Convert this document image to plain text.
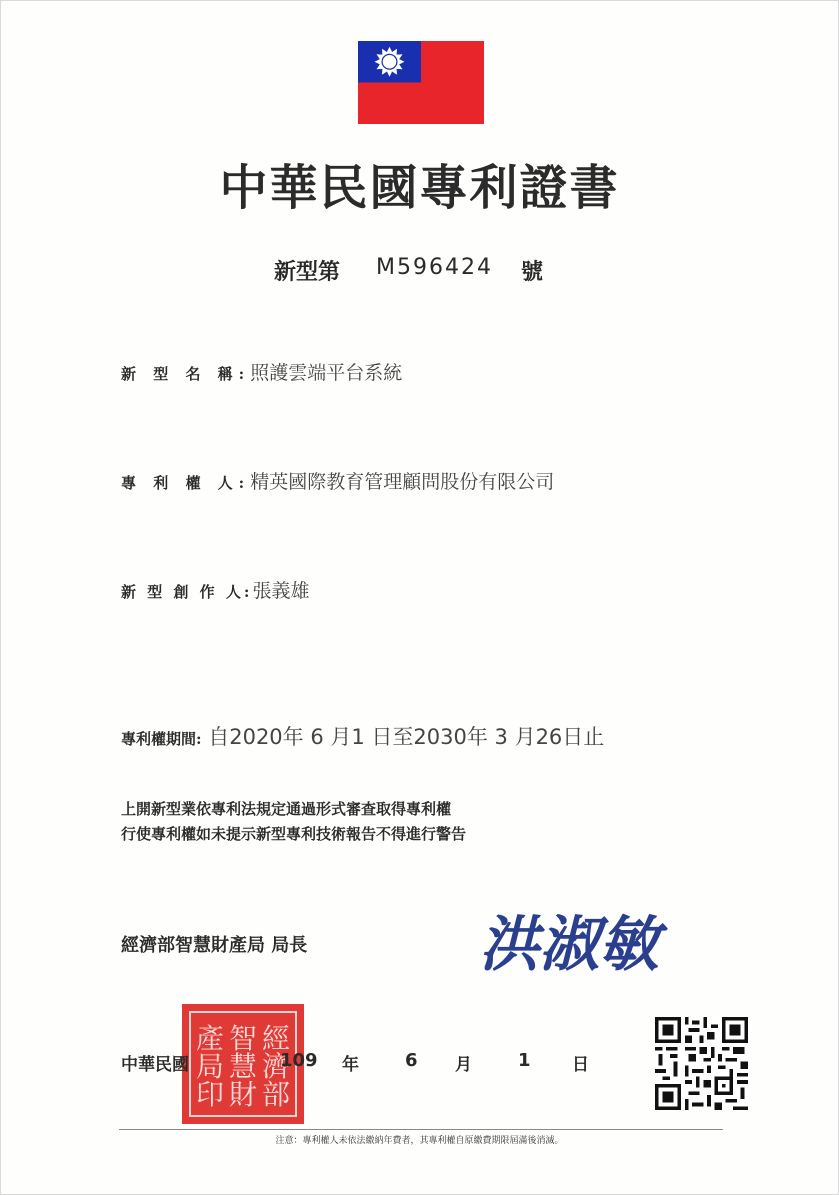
中華民國專利證書
新型第 M596424 號
新 型 名 稱:照護雲端平台系統
專 利 權 人:精英國際教育管理顧問股份有限公司
新 型 創 作 人:張義雄
專利權期間: 自2020年 6 月1 日至2030年 3 月26日止
上開新型業依專利法規定通過形式審查取得專利權
行使專利權如未提示新型專利技術報告不得進行警告
經濟部智慧財產局 局長	洪淑敏
經
濟
部
智
慧
財
產
局
印
中華民國	109 年	6 月	1 日
注意：專利權人未依法繳納年費者，其專利權自原繳費期限屆滿後消滅。
